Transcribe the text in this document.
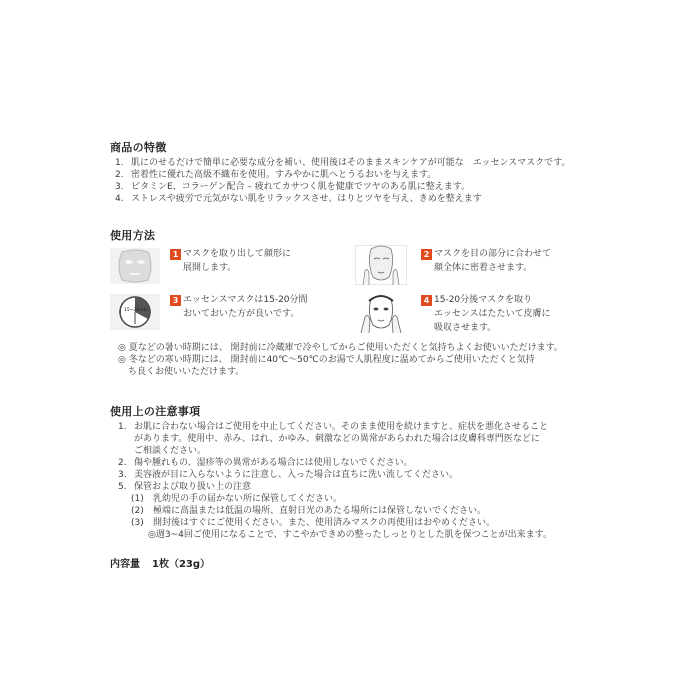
商品の特徴
1. 肌にのせるだけで簡単に必要な成分を補い、使用後はそのままスキンケアが可能な　エッセンスマスクです。
2. 密着性に優れた高級不織布を使用。すみやかに肌へとうるおいを与えます。
3. ビタミンE、コラーゲン配合 – 疲れてカサつく肌を健康でツヤのある肌に整えます。
4. ストレスや疲労で元気がない肌をリラックスさせ、はりとツヤを与え、きめを整えます
使用方法
1 マスクを取り出して顔形に
展開します。
2 マスクを目の部分に合わせて
顔全体に密着させます。
15~20min
3 エッセンスマスクは15-20分間
おいておいた方が良いです。
4 15-20分後マスクを取り
エッセンスはたたいて皮膚に
吸収させます。
◎ 夏などの暑い時期には、 開封前に冷蔵庫で冷やしてからご使用いただくと気持ちよくお使いいただけます。
◎ 冬などの寒い時期には、 開封前に40℃～50℃のお湯で人肌程度に温めてからご使用いただくと気持
ち良くお使いいただけます。
使用上の注意事項
1. お肌に合わない場合はご使用を中止してください。そのまま使用を続けますと、症状を悪化させること
があります。使用中、赤み、はれ、かゆみ、刺激などの異常があらわれた場合は皮膚科専門医などに
ご相談ください。
2. 傷や腫れもの、湿疹等の異常がある場合には使用しないでください。
3. 美容液が目に入らないように注意し、入った場合は直ちに洗い流してください。
5. 保管および取り扱い上の注意
(1) 乳幼児の手の届かない所に保管してください。
(2) 極端に高温または低温の場所、直射日光のあたる場所には保管しないでください。
(3) 開封後はすぐにご使用ください。また、使用済みマスクの再使用はおやめください。
◎週3~4回ご使用になることで、すこやかできめの整ったしっとりとした肌を保つことが出来ます。
内容量 1枚（23g）
